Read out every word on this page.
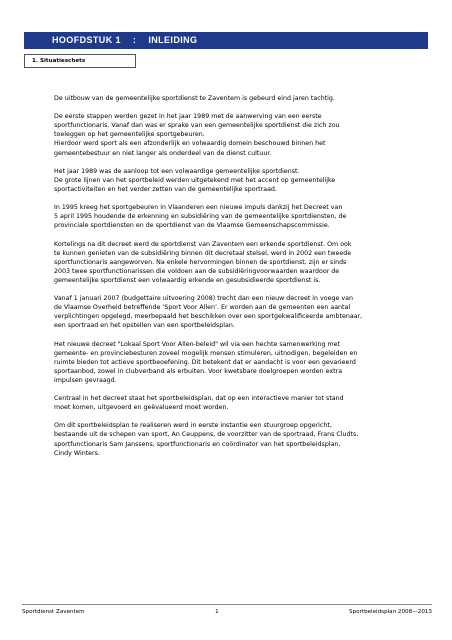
HOOFDSTUK 1 : INLEIDING
1. Situatieschets

De uitbouw van de gemeentelijke sportdienst te Zaventem is gebeurd eind jaren tachtig.

De eerste stappen werden gezet in het jaar 1989 met de aanwerving van een eerste
sportfunctionaris. Vanaf dan was er sprake van een gemeentelijke sportdienst die zich zou
toeleggen op het gemeentelijke sportgebeuren.
Hierdoor werd sport als een afzonderlijk en volwaardig domein beschouwd binnen het
gemeentebestuur en niet langer als onderdeel van de dienst cultuur.

Het jaar 1989 was de aanloop tot een volwaardige gemeentelijke sportdienst.
De grote lijnen van het sportbeleid werden uitgetekend met het accent op gemeentelijke
sportactiviteiten en het verder zetten van de gemeentelijke sportraad.

In 1995 kreeg het sportgebeuren in Vlaanderen een nieuwe impuls dankzij het Decreet van
5 april 1995 houdende de erkenning en subsidiëring van de gemeentelijke sportdiensten, de
provinciale sportdiensten en de sportdienst van de Vlaamse Gemeenschapscommissie.

Kortelings na dit decreet werd de sportdienst van Zaventem een erkende sportdienst. Om ook
te kunnen genieten van de subsidiëring binnen dit decretaal stelsel, werd in 2002 een tweede
sportfunctionaris aangeworven. Na enkele hervormingen binnen de sportdienst, zijn er sinds
2003 twee sportfunctionarissen die voldoen aan de subsidiëringvoorwaarden waardoor de
gemeentelijke sportdienst een volwaardig erkende en gesubsidieerde sportdienst is.

Vanaf 1 januari 2007 (budgettaire uitvoering 2008) trecht dan een nieuw decreet in voege van
de Vlaamse Overheid betreffende ‘Sport Voor Allen’. Er worden aan de gemeenten een aantal
verplichtingen opgelegd, meerbepaald het beschikken over een sportgekwalificeerde ambtenaar,
een sportraad en het opstellen van een sportbeleidsplan.

Het nieuwe decreet "Lokaal Sport Voor Allen-beleid" wil via een hechte samenwerking met
gemeente- en provinciebesturen zoveel mogelijk mensen stimuleren, uitnodigen, begeleiden en
ruimte bieden tot actieve sportbeoefening. Dit betekent dat er aandacht is voor een gevarieerd
sportaanbod, zowel in clubverband als erbuiten. Voor kwetsbare doelgroepen worden extra
impulsen gevraagd.

Centraal in het decreet staat het sportbeleidsplan, dat op een interactieve manier tot stand
moet komen, uitgevoerd en geëvalueerd moet worden.

Om dit sportbeleidsplan te realiseren werd in eerste instantie een stuurgroep opgericht,
bestaande uit de schepen van sport, An Ceuppens, de voorzitter van de sportraad, Frans Cludts,
sportfunctionaris Sam Janssens, sportfunctionaris en coördinator van het sportbeleidsplan,
Cindy Winters.

Sportdienst Zaventem	1	Sportbeleidsplan 2008—2013
